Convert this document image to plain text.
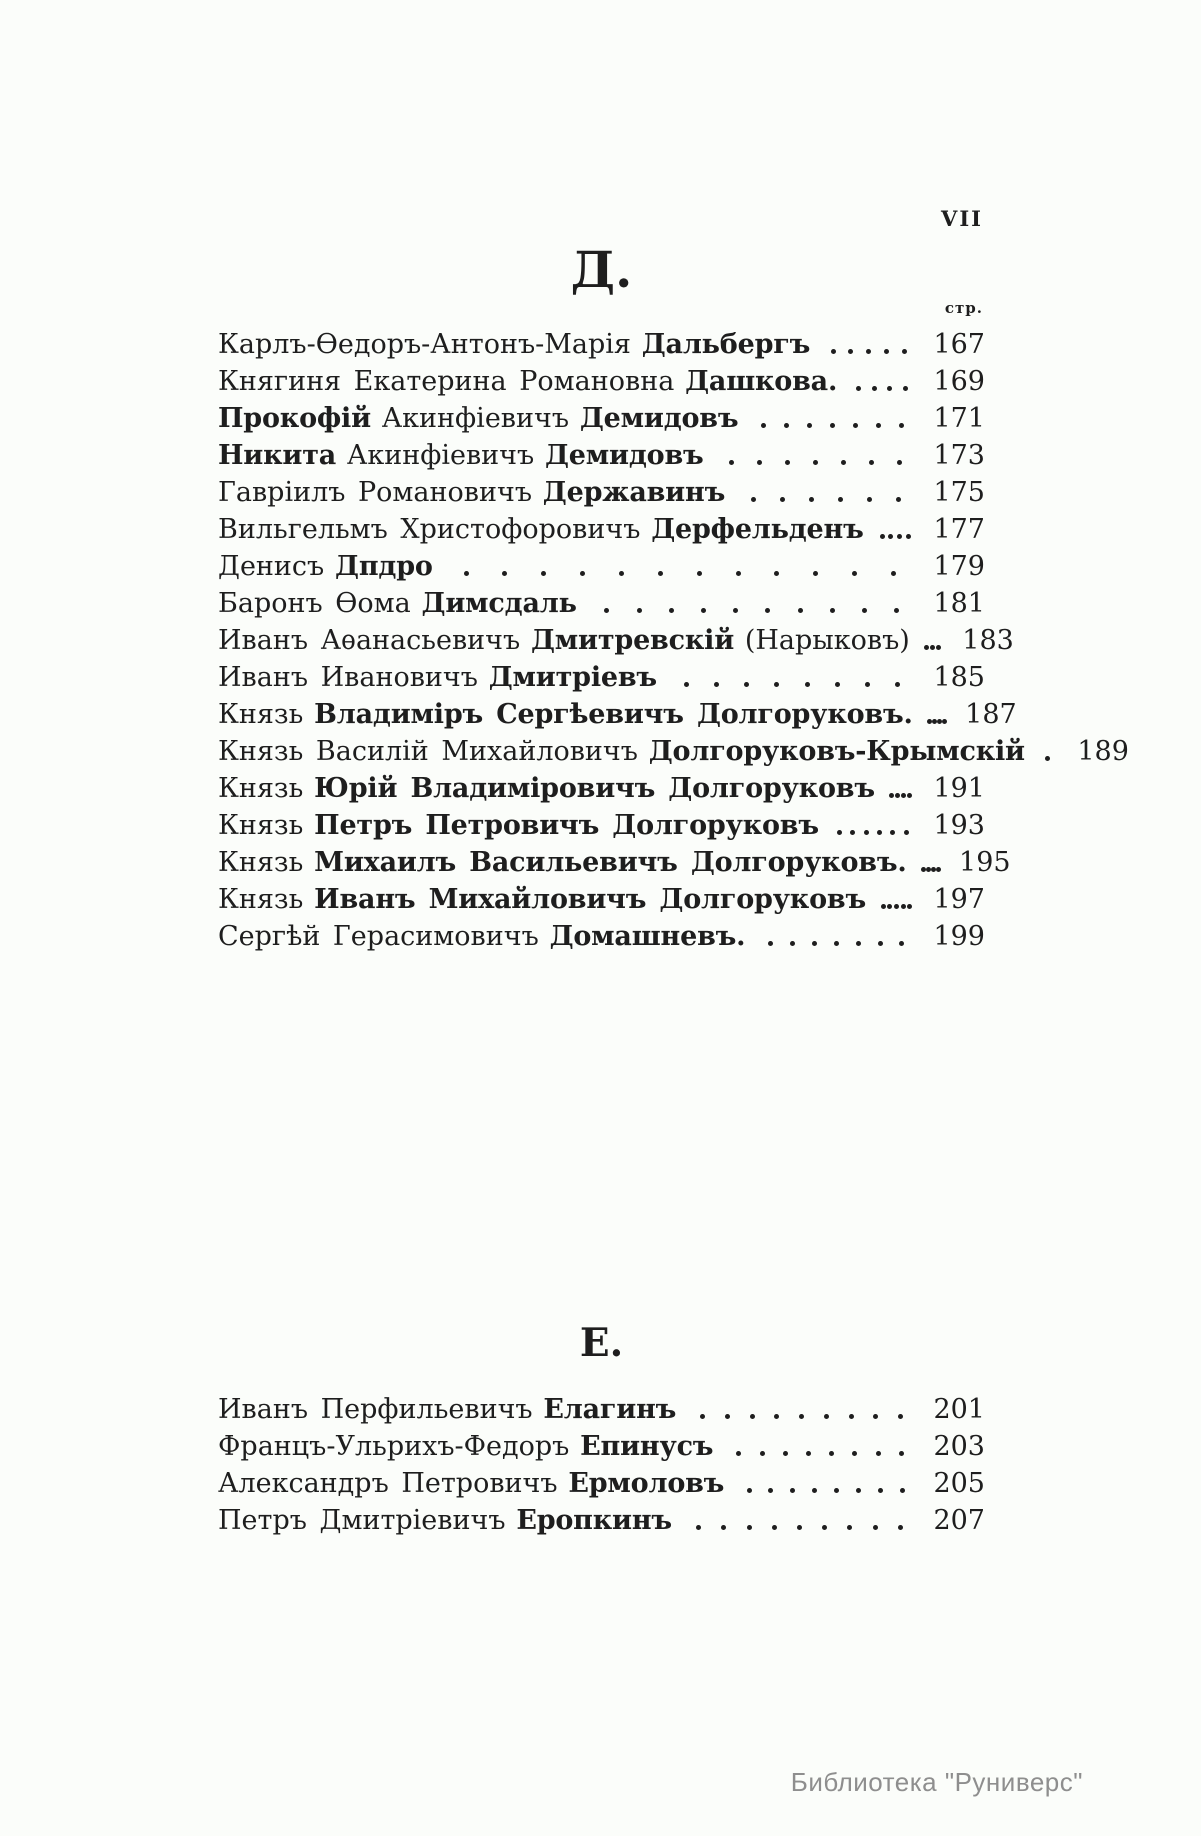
VII
Д.
стр.
Карлъ-Ѳедоръ-Антонъ-Марія Дальбергъ	167
Княгиня Екатерина Романовна Дашкова.	169
Прокофій Акинфіевичъ Демидовъ	171
Никита Акинфіевичъ Демидовъ	173
Гавріилъ Романовичъ Державинъ	175
Вильгельмъ Христофоровичъ Дерфельденъ	177
Денисъ Дпдро	179
Баронъ Ѳома Димсдаль	181
Иванъ Аѳанасьевичъ Дмитревскій (Нарыковъ)	183
Иванъ Ивановичъ Дмитріевъ	185
Князь Владиміръ Сергѣевичъ Долгоруковъ.	187
Князь Василій Михайловичъ Долгоруковъ-Крымскій	189
Князь Юрій Владиміровичъ Долгоруковъ	191
Князь Петръ Петровичъ Долгоруковъ	193
Князь Михаилъ Васильевичъ Долгоруковъ.	195
Князь Иванъ Михайловичъ Долгоруковъ	197
Сергѣй Герасимовичъ Домашневъ.	199
Е.
Иванъ Перфильевичъ Елагинъ	201
Францъ-Ульрихъ-Федоръ Епинусъ	203
Александръ Петровичъ Ермоловъ	205
Петръ Дмитріевичъ Еропкинъ	207
Библиотека "Руниверс"
